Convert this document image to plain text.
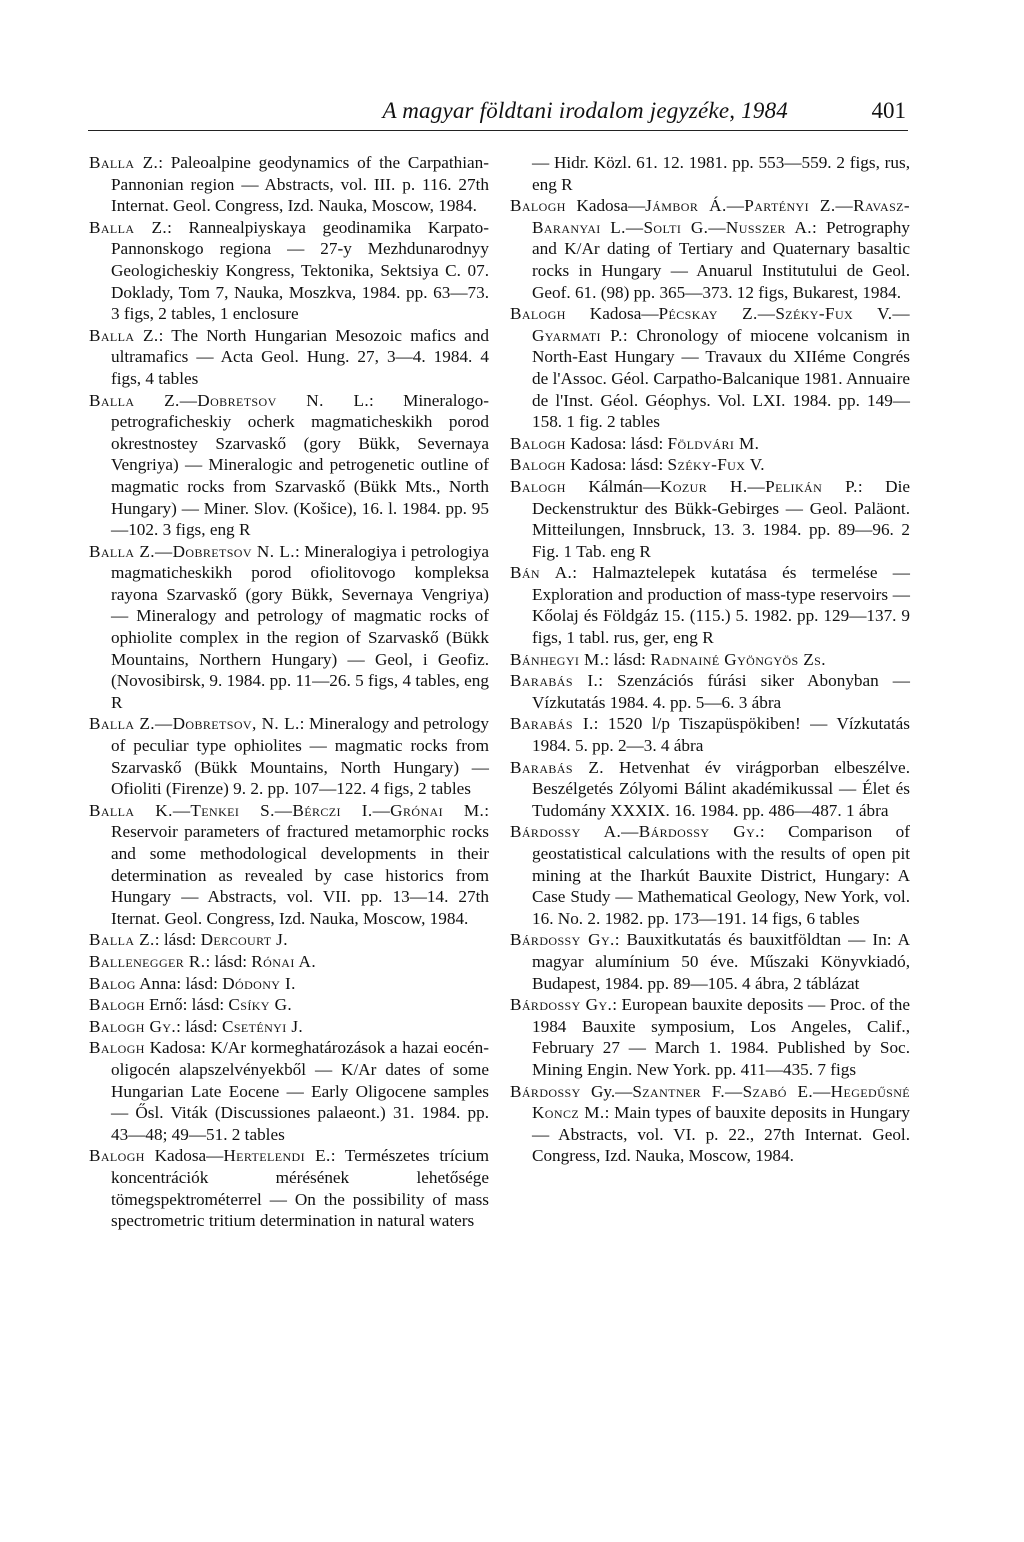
A magyar földtani irodalom jegyzéke, 1984	401

Balla Z.: Paleoalpine geodynamics of the Carpathian-Pannonian region — Abstracts, vol. III. p. 116. 27th Internat. Geol. Congress, Izd. Nauka, Moscow, 1984.

Balla Z.: Rannealpiyskaya geodinamika Karpato-Pannonskogo regiona — 27-y Mezhdunarodnyy Geologicheskiy Kongress, Tektonika, Sektsiya C. 07. Doklady, Tom 7, Nauka, Moszkva, 1984. pp. 63—73. 3 figs, 2 tables, 1 enclosure

Balla Z.: The North Hungarian Mesozoic mafics and ultramafics — Acta Geol. Hung. 27, 3—4. 1984. 4 figs, 4 tables

Balla Z.—Dobretsov N. L.: Mineralogo-petrograficheskiy ocherk magmaticheskikh porod okrestnostey Szarvaskő (gory Bükk, Severnaya Vengriya) — Mineralogic and petrogenetic outline of magmatic rocks from Szarvaskő (Bükk Mts., North Hungary) — Miner. Slov. (Košice), 16. l. 1984. pp. 95—102. 3 figs, eng R

Balla Z.—Dobretsov N. L.: Mineralogiya i petrologiya magmaticheskikh porod ofiolitovogo kompleksa rayona Szarvaskő (gory Bükk, Severnaya Vengriya) — Mineralogy and petrology of magmatic rocks of ophiolite complex in the region of Szarvaskő (Bükk Mountains, Northern Hungary) — Geol, i Geofiz. (Novosibirsk, 9. 1984. pp. 11—26. 5 figs, 4 tables, eng R

Balla Z.—Dobretsov, N. L.: Mineralogy and petrology of peculiar type ophiolites — magmatic rocks from Szarvaskő (Bükk Mountains, North Hungary) — Ofioliti (Firenze) 9. 2. pp. 107—122. 4 figs, 2 tables

Balla K.—Tenkei S.—Bérczi I.—Grónai M.: Reservoir parameters of fractured metamorphic rocks and some methodological developments in their determination as revealed by case historics from Hungary — Abstracts, vol. VII. pp. 13—14. 27th Iternat. Geol. Congress, Izd. Nauka, Moscow, 1984.

Balla Z.: lásd: Dercourt J.

Ballenegger R.: lásd: Rónai A.

Balog Anna: lásd: Dódony I.

Balogh Ernő: lásd: Csíky G.

Balogh Gy.: lásd: Csetényi J.

Balogh Kadosa: K/Ar kormeghatározások a hazai eocén-oligocén alapszelvényekből — K/Ar dates of some Hungarian Late Eocene — Early Oligocene samples — Ősl. Viták (Discussiones palaeont.) 31. 1984. pp. 43—48; 49—51. 2 tables

Balogh Kadosa—Hertelendi E.: Természetes trícium koncentrációk mérésének lehetősége tömegspektrométerrel — On the possibility of mass spectrometric tritium determination in natural waters

— Hidr. Közl. 61. 12. 1981. pp. 553—559. 2 figs, rus, eng R

Balogh Kadosa—Jámbor Á.—Partényi Z.—Ravasz-Baranyai L.—Solti G.—Nusszer A.: Petrography and K/Ar dating of Tertiary and Quaternary basaltic rocks in Hungary — Anuarul Institutului de Geol. Geof. 61. (98) pp. 365—373. 12 figs, Bukarest, 1984.

Balogh Kadosa—Pécskay Z.—Széky-Fux V.—Gyarmati P.: Chronology of miocene volcanism in North-East Hungary — Travaux du XIIéme Congrés de l'Assoc. Géol. Carpatho-Balcanique 1981. Annuaire de l'Inst. Géol. Géophys. Vol. LXI. 1984. pp. 149—158. 1 fig. 2 tables

Balogh Kadosa: lásd: Földvári M.

Balogh Kadosa: lásd: Széky-Fux V.

Balogh Kálmán—Kozur H.—Pelikán P.: Die Deckenstruktur des Bükk-Gebirges — Geol. Paläont. Mitteilungen, Innsbruck, 13. 3. 1984. pp. 89—96. 2 Fig. 1 Tab. eng R

Bán A.: Halmaztelepek kutatása és termelése — Exploration and production of mass-type reservoirs — Kőolaj és Földgáz 15. (115.) 5. 1982. pp. 129—137. 9 figs, 1 tabl. rus, ger, eng R

Bánhegyi M.: lásd: Radnainé Gyöngyös Zs.

Barabás I.: Szenzációs fúrási siker Abonyban — Vízkutatás 1984. 4. pp. 5—6. 3 ábra

Barabás I.: 1520 l/p Tiszapüspökiben! — Vízkutatás 1984. 5. pp. 2—3. 4 ábra

Barabás Z. Hetvenhat év virágporban elbeszélve. Beszélgetés Zólyomi Bálint akadémikussal — Élet és Tudomány XXXIX. 16. 1984. pp. 486—487. 1 ábra

Bárdossy A.—Bárdossy Gy.: Comparison of geostatistical calculations with the results of open pit mining at the Iharkút Bauxite District, Hungary: A Case Study — Mathematical Geology, New York, vol. 16. No. 2. 1982. pp. 173—191. 14 figs, 6 tables

Bárdossy Gy.: Bauxitkutatás és bauxitföldtan — In: A magyar alumínium 50 éve. Műszaki Könyvkiadó, Budapest, 1984. pp. 89—105. 4 ábra, 2 táblázat

Bárdossy Gy.: European bauxite deposits — Proc. of the 1984 Bauxite symposium, Los Angeles, Calif., February 27 — March 1. 1984. Published by Soc. Mining Engin. New York. pp. 411—435. 7 figs

Bárdossy Gy.—Szantner F.—Szabó E.—Hegedűsné Koncz M.: Main types of bauxite deposits in Hungary — Abstracts, vol. VI. p. 22., 27th Internat. Geol. Congress, Izd. Nauka, Moscow, 1984.
